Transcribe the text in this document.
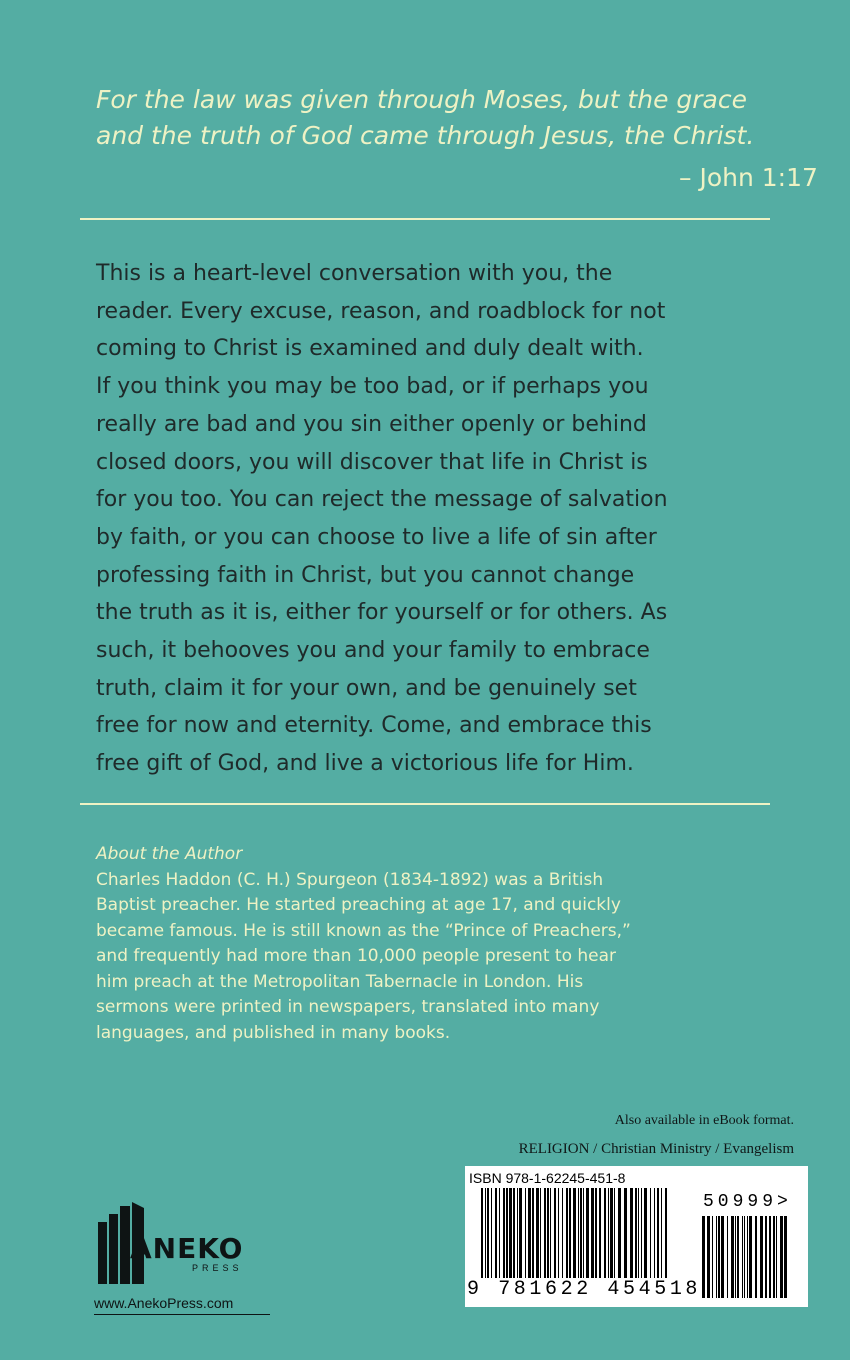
For the law was given through Moses, but the grace
and the truth of God came through Jesus, the Christ.
– John 1:17
This is a heart-level conversation with you, the
reader. Every excuse, reason, and roadblock for not
coming to Christ is examined and duly dealt with.
If you think you may be too bad, or if perhaps you
really are bad and you sin either openly or behind
closed doors, you will discover that life in Christ is
for you too. You can reject the message of salvation
by faith, or you can choose to live a life of sin after
professing faith in Christ, but you cannot change
the truth as it is, either for yourself or for others. As
such, it behooves you and your family to embrace
truth, claim it for your own, and be genuinely set
free for now and eternity. Come, and embrace this
free gift of God, and live a victorious life for Him.
About the Author
Charles Haddon (C. H.) Spurgeon (1834-1892) was a British
Baptist preacher. He started preaching at age 17, and quickly
became famous. He is still known as the “Prince of Preachers,”
and frequently had more than 10,000 people present to hear
him preach at the Metropolitan Tabernacle in London. His
sermons were printed in newspapers, translated into many
languages, and published in many books.
Also available in eBook format.
RELIGION / Christian Ministry / Evangelism
ISBN 978-1-62245-451-8
9 781622 454518
50999>
ANEKO
PRESS
www.AnekoPress.com
